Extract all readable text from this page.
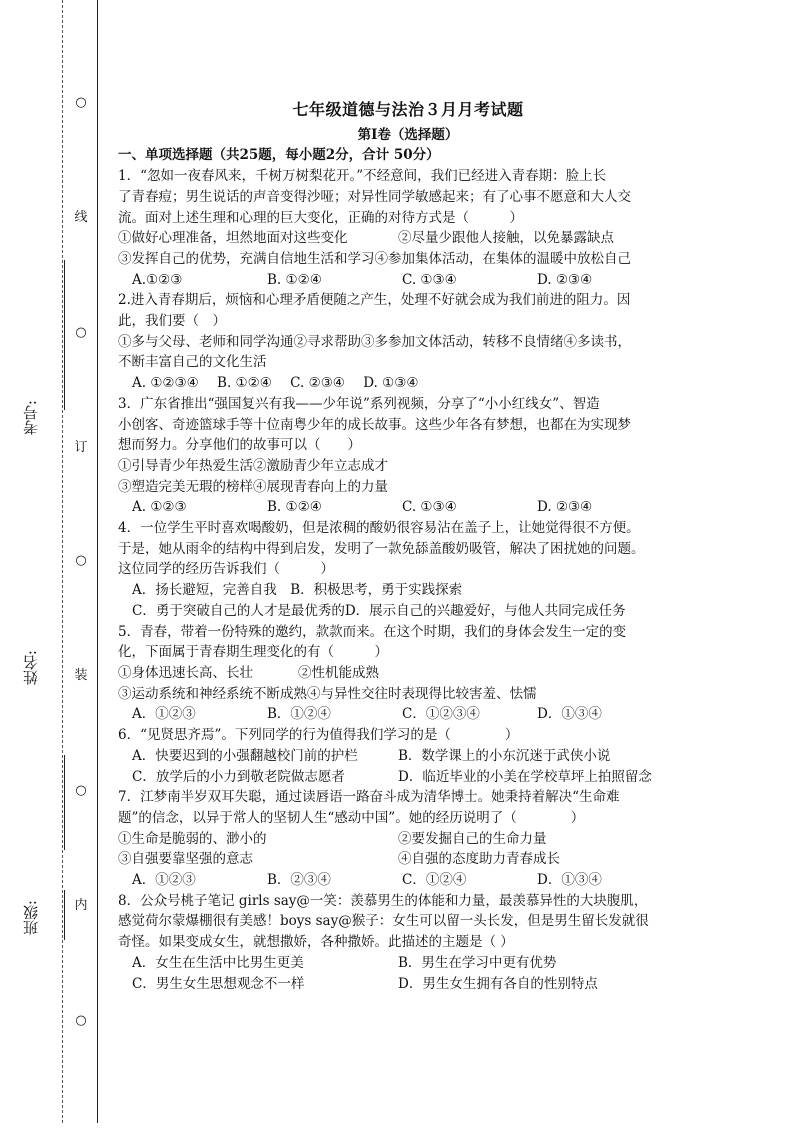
○
线
○
订
○
装
○
内
○
考号:
姓名:
班级:

七年级道德与法治３月月考试题

第Ⅰ卷（选择题）

一、单项选择题（共25题，每小题2分，合计 50分）

1．“忽如一夜春风来，千树万树梨花开。”不经意间，我们已经进入青春期：脸上长
了青春痘；男生说话的声音变得沙哑；对异性同学敏感起来；有了心事不愿意和大人交
流。面对上述生理和心理的巨大变化，正确的对待方式是（　　　）
①做好心理准备，坦然地面对这些变化	②尽量少跟他人接触，以免暴露缺点
③发挥自己的优势，充满自信地生活和学习④参加集体活动，在集体的温暖中放松自己
A.①②③	B. ①②④	C. ①③④	D. ②③④
2.进入青春期后，烦恼和心理矛盾便随之产生，处理不好就会成为我们前进的阻力。因
此，我们要（　）
①多与父母、老师和同学沟通②寻求帮助③多参加文体活动，转移不良情绪④多读书，
不断丰富自己的文化生活
A. ①②③④ B. ①②④ C. ②③④ D. ①③④
3．广东省推出“强国复兴有我——少年说”系列视频，分享了“小小红线女”、智造
小创客、奇迹篮球手等十位南粤少年的成长故事。这些少年各有梦想，也都在为实现梦
想而努力。分享他们的故事可以（　　）
①引导青少年热爱生活②激励青少年立志成才
③塑造完美无瑕的榜样④展现青春向上的力量
A. ①②③	B. ①②④	C. ①③④	D. ②③④
4．一位学生平时喜欢喝酸奶，但是浓稠的酸奶很容易沾在盖子上，让她觉得很不方便。
于是，她从雨伞的结构中得到启发，发明了一款免舔盖酸奶吸管，解决了困扰她的问题。
这位同学的经历告诉我们（　　　）
A．扬长避短，完善自我　B．积极思考，勇于实践探索
C．勇于突破自己的人才是最优秀的D．展示自己的兴趣爱好，与他人共同完成任务
5．青春，带着一份特殊的邀约，款款而来。在这个时期，我们的身体会发生一定的变
化，下面属于青春期生理变化的有（　　　）
①身体迅速长高、长壮	②性机能成熟
③运动系统和神经系统不断成熟④与异性交往时表现得比较害羞、怯懦
A．①②③	B．①②④	C．①②③④	D．①③④
6．“见贤思齐焉”。下列同学的行为值得我们学习的是（　　　　）
A．快要迟到的小强翻越校门前的护栏	B．数学课上的小东沉迷于武侠小说
C．放学后的小力到敬老院做志愿者	D．临近毕业的小美在学校草坪上拍照留念
7．江梦南半岁双耳失聪，通过读唇语一路奋斗成为清华博士。她秉持着解决“生命难
题”的信念，以异于常人的坚韧人生“感动中国”。她的经历说明了（　　　　）
①生命是脆弱的、渺小的	②要发掘自己的生命力量
③自强要靠坚强的意志	④自强的态度助力青春成长
A．①②③	B．②③④	C．①②④	D．①③④
8．公众号桃子笔记 girls say@一笑：羡慕男生的体能和力量，最羡慕异性的大块腹肌，
感觉荷尔蒙爆棚很有美感！boys say@猴子：女生可以留一头长发，但是男生留长发就很
奇怪。如果变成女生，就想撒娇，各种撒娇。此描述的主题是（ ）
A．女生在生活中比男生更美	B．男生在学习中更有优势
C．男生女生思想观念不一样	D．男生女生拥有各自的性别特点
